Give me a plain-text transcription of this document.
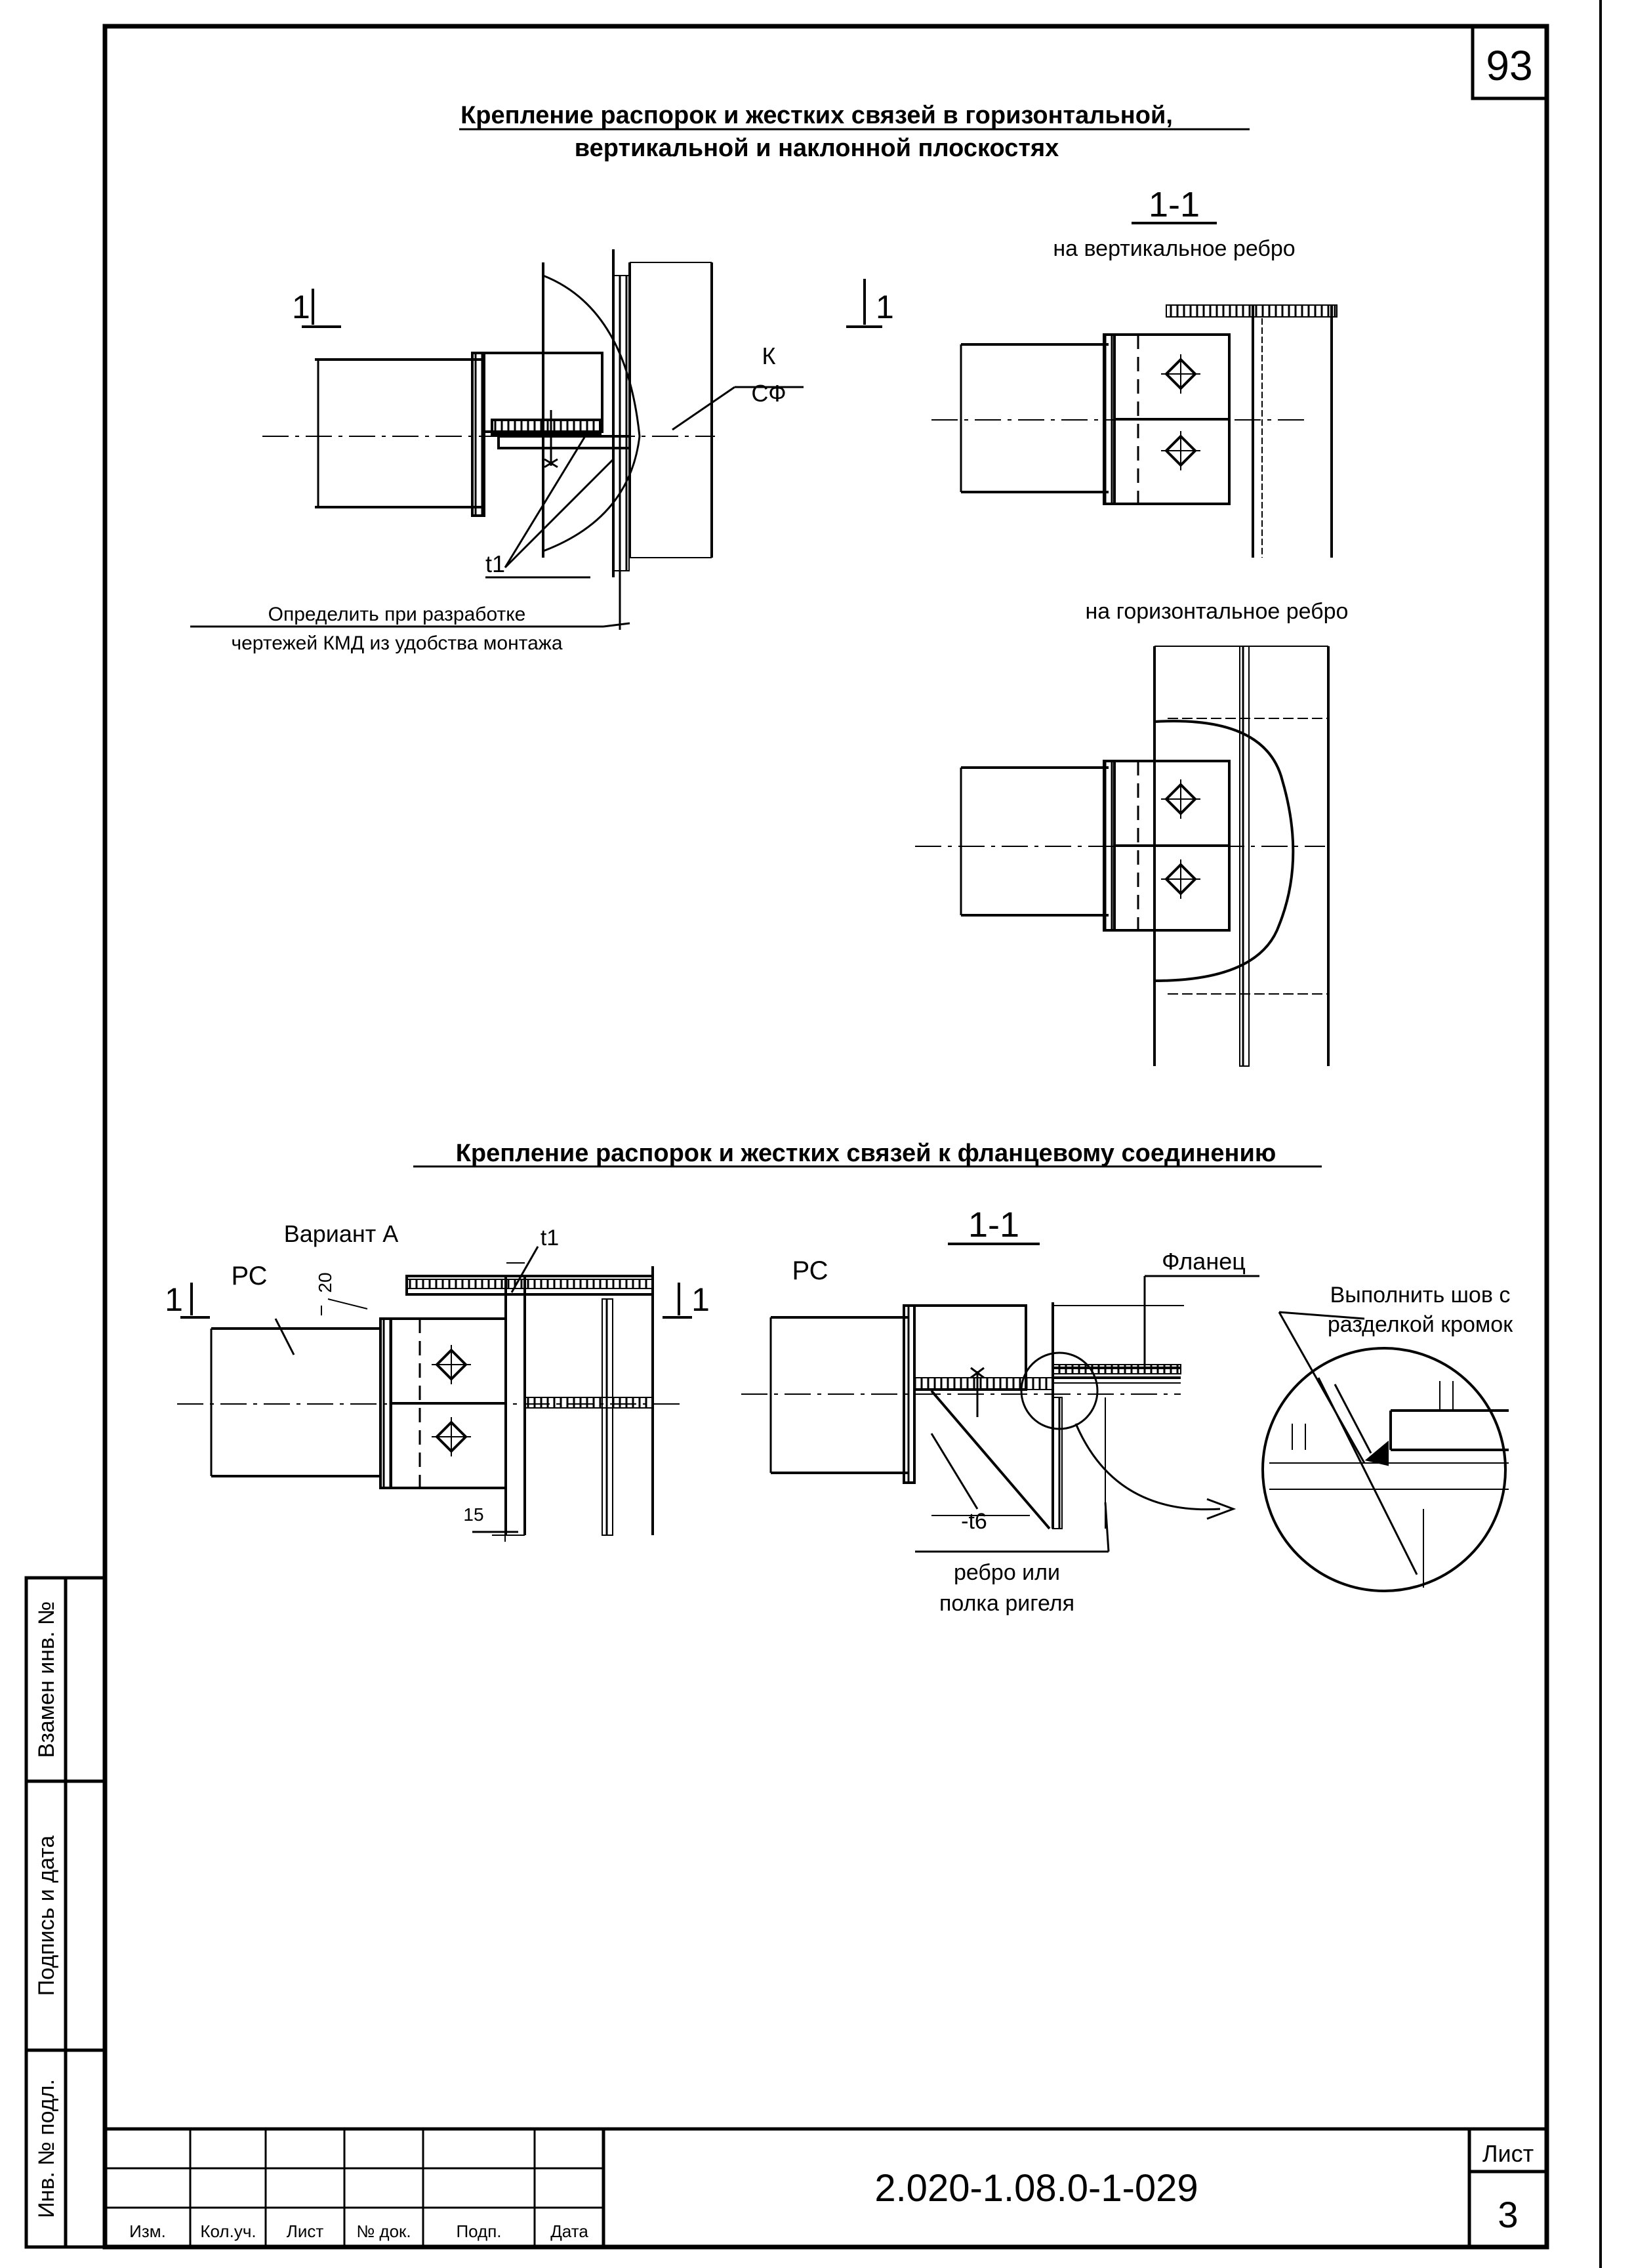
93
Крепление распорок и жестких связей в горизонтальной,
вертикальной и наклонной плоскостях
1	1
К
СФ
t1
Определить при разработке
чертежей КМД из удобства монтажа
1-1
на вертикальное ребро
на горизонтальное ребро
Крепление распорок и жестких связей к фланцевому соединению
Вариант А
РС	20
t1
1	1
15
1-1
РС	Фланец
Выполнить шов с
разделкой кромок
-t6
ребро или
полка ригеля
Взамен инв. №
Подпись и дата
Инв. № подл.
Изм. Кол.уч. Лист № док.	Подп.	Дата
2.020-1.08.0-1-029
Лист
3
